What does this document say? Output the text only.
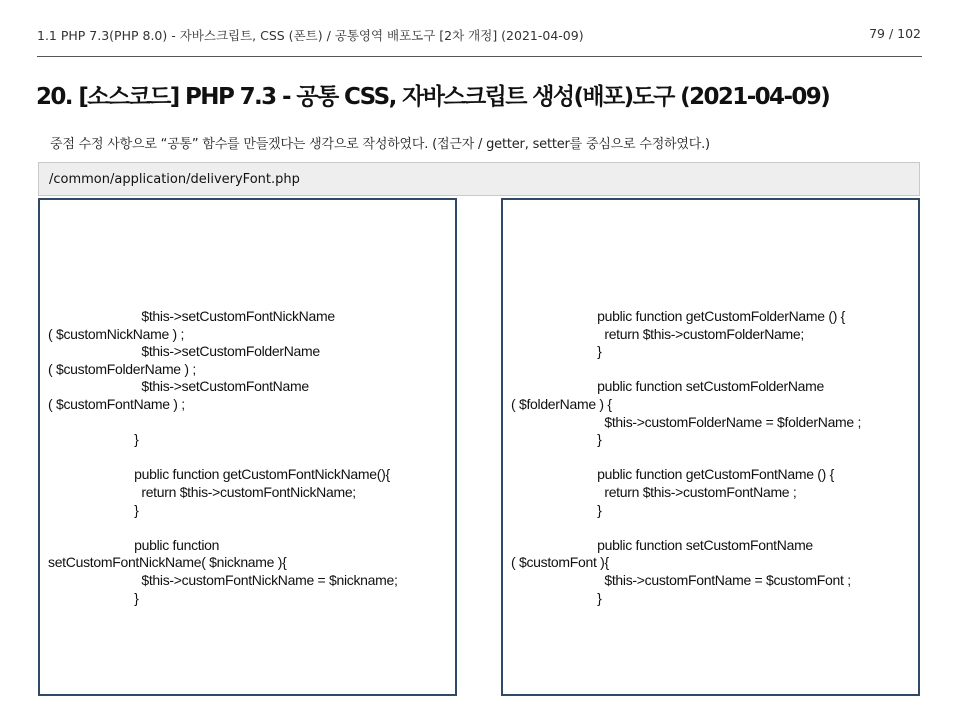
1.1 PHP 7.3(PHP 8.0) - 자바스크립트, CSS (폰트) / 공통영역 배포도구 [2차 개정] (2021-04-09)	79 / 102
20. [소스코드] PHP 7.3 - 공통 CSS, 자바스크립트 생성(배포)도구 (2021-04-09)
중점 수정 사항으로 “공통” 함수를 만들겠다는 생각으로 작성하였다. (접근자 / getter, setter를 중심으로 수정하였다.)
/common/application/deliveryFont.php
$this->setCustomFontNickName
( $customNickName ) ;
$this->setCustomFolderName
( $customFolderName ) ;
$this->setCustomFontName
( $customFontName ) ;

}

public function getCustomFontNickName(){
return $this->customFontNickName;
}

public function
setCustomFontNickName( $nickname ){
$this->customFontNickName = $nickname;
}
public function getCustomFolderName () {
return $this->customFolderName;
}

public function setCustomFolderName
( $folderName ) {
$this->customFolderName = $folderName ;
}

public function getCustomFontName () {
return $this->customFontName ;
}

public function setCustomFontName
( $customFont ){
$this->customFontName = $customFont ;
}
